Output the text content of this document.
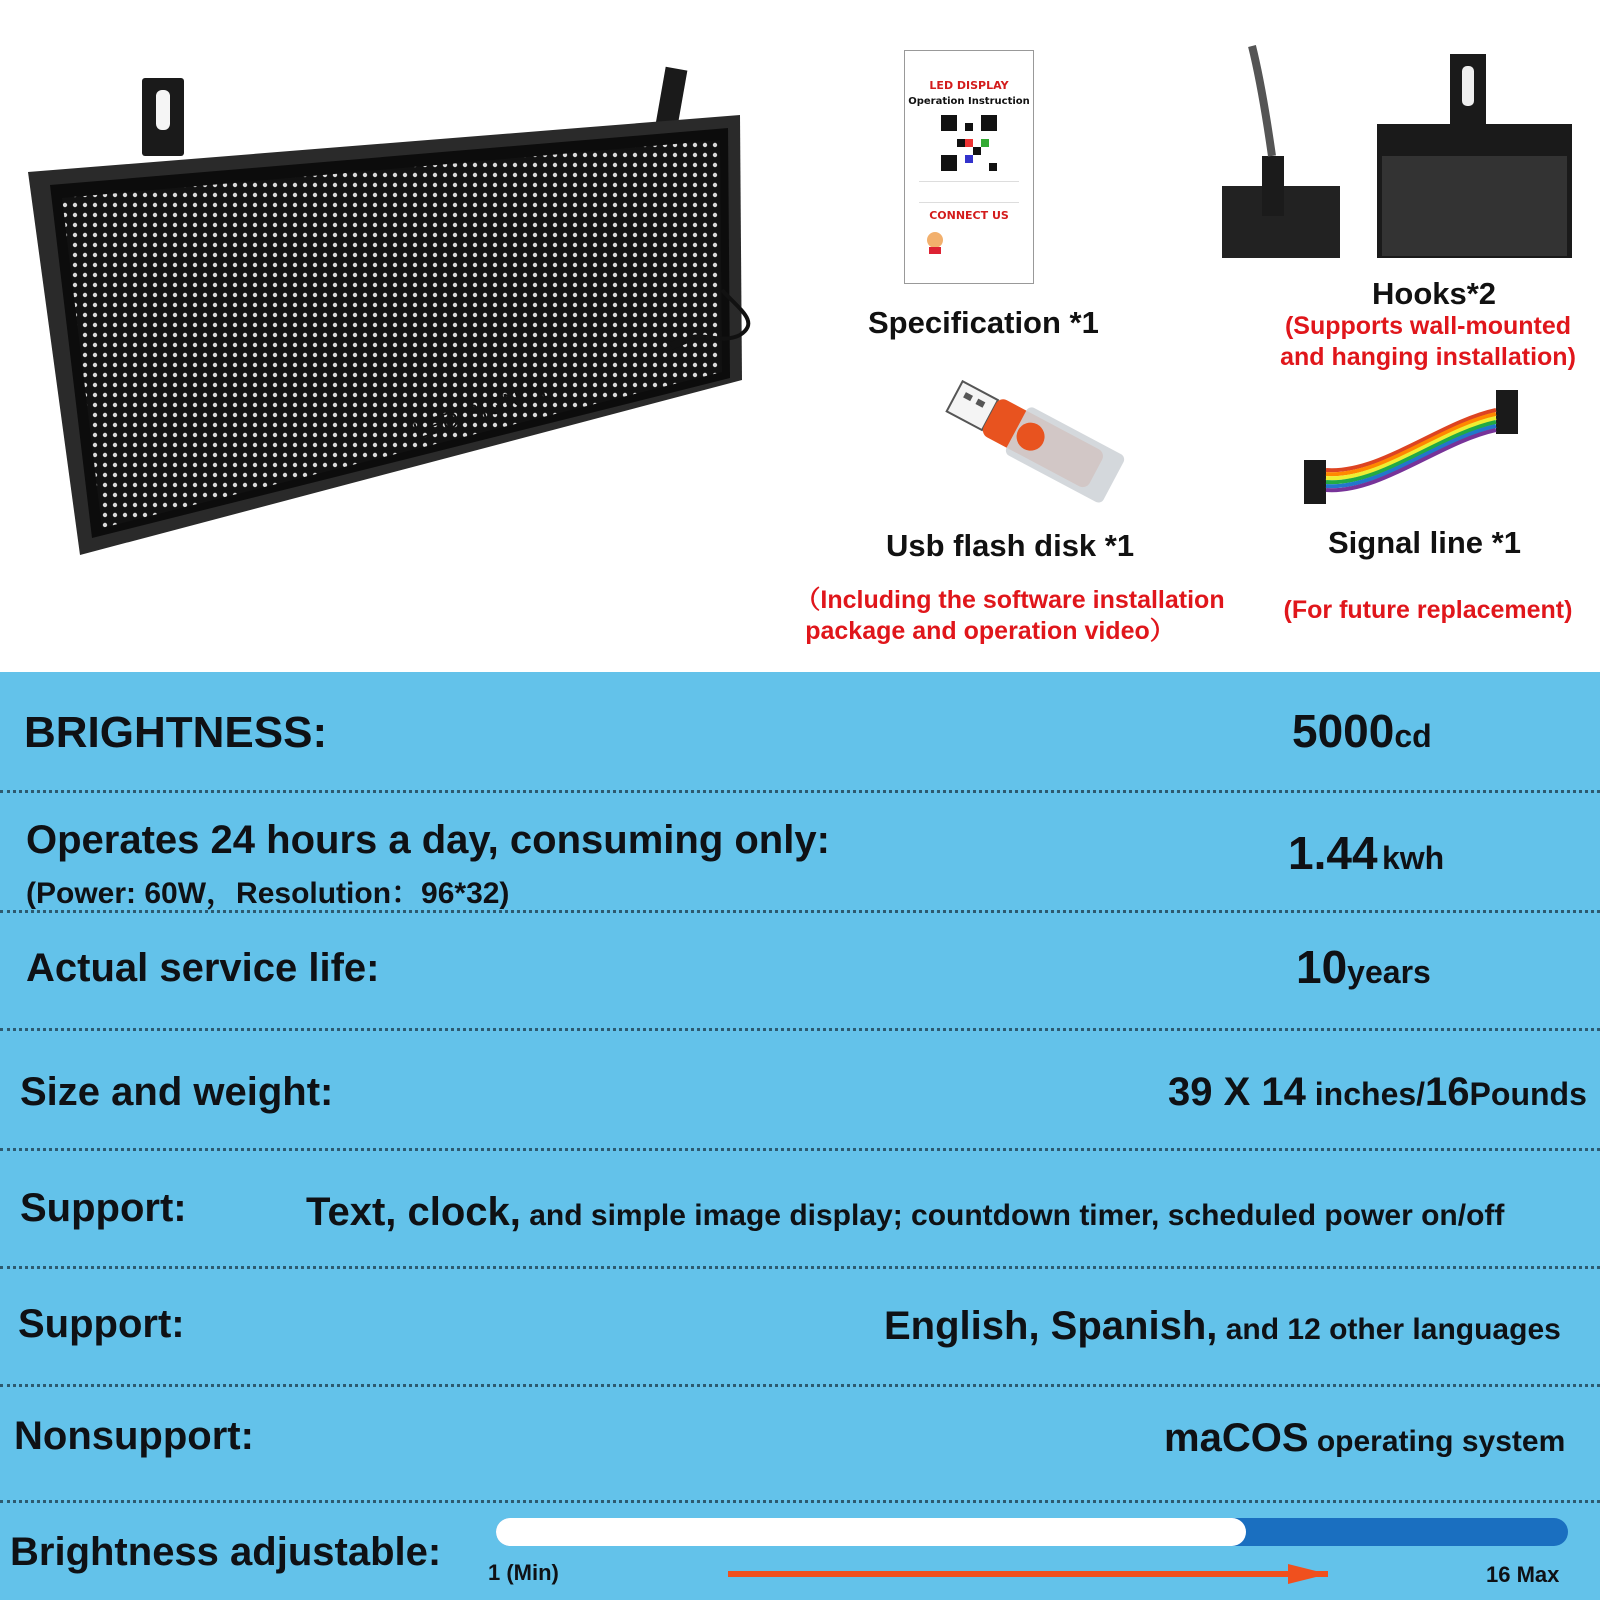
LED SIGN *1
LED DISPLAY
Operation Instruction
CONNECT US
Specification *1
Hooks*2
(Supports wall-mounted
and hanging installation)
Usb flash disk *1
（Including the software installation
package and operation video）
Signal line *1
(For future replacement)
BRIGHTNESS:	5000cd
Operates 24 hours a day, consuming only:
(Power: 60W，Resolution：96*32)
1.44 kwh
Actual service life:	10years
Size and weight:	39 X 14 inches/16Pounds
Support:	Text, clock, and simple image display; countdown timer, scheduled power on/off
Support:	English, Spanish, and 12 other languages
Nonsupport:	maCOS operating system
Brightness adjustable: 1 (Min)	16 Max
